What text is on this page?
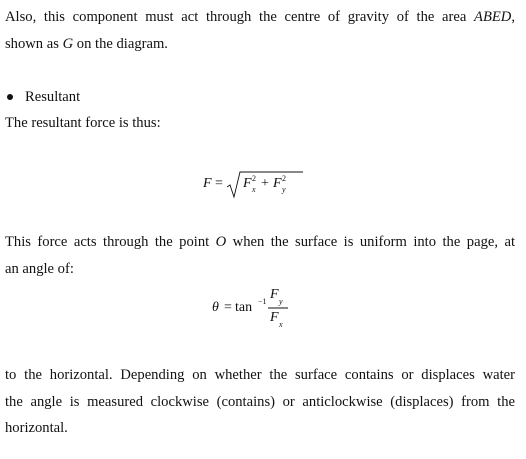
Also, this component must act through the centre of gravity of the area ABED,
shown as G on the diagram.
Resultant
The resultant force is thus:
F = F 2
x + F 2
y
This force acts through the point O when the surface is uniform into the page, at
an angle of:
θ = tan −1 F y
F x
to the horizontal. Depending on whether the surface contains or displaces water
the angle is measured clockwise (contains) or anticlockwise (displaces) from the
horizontal.
